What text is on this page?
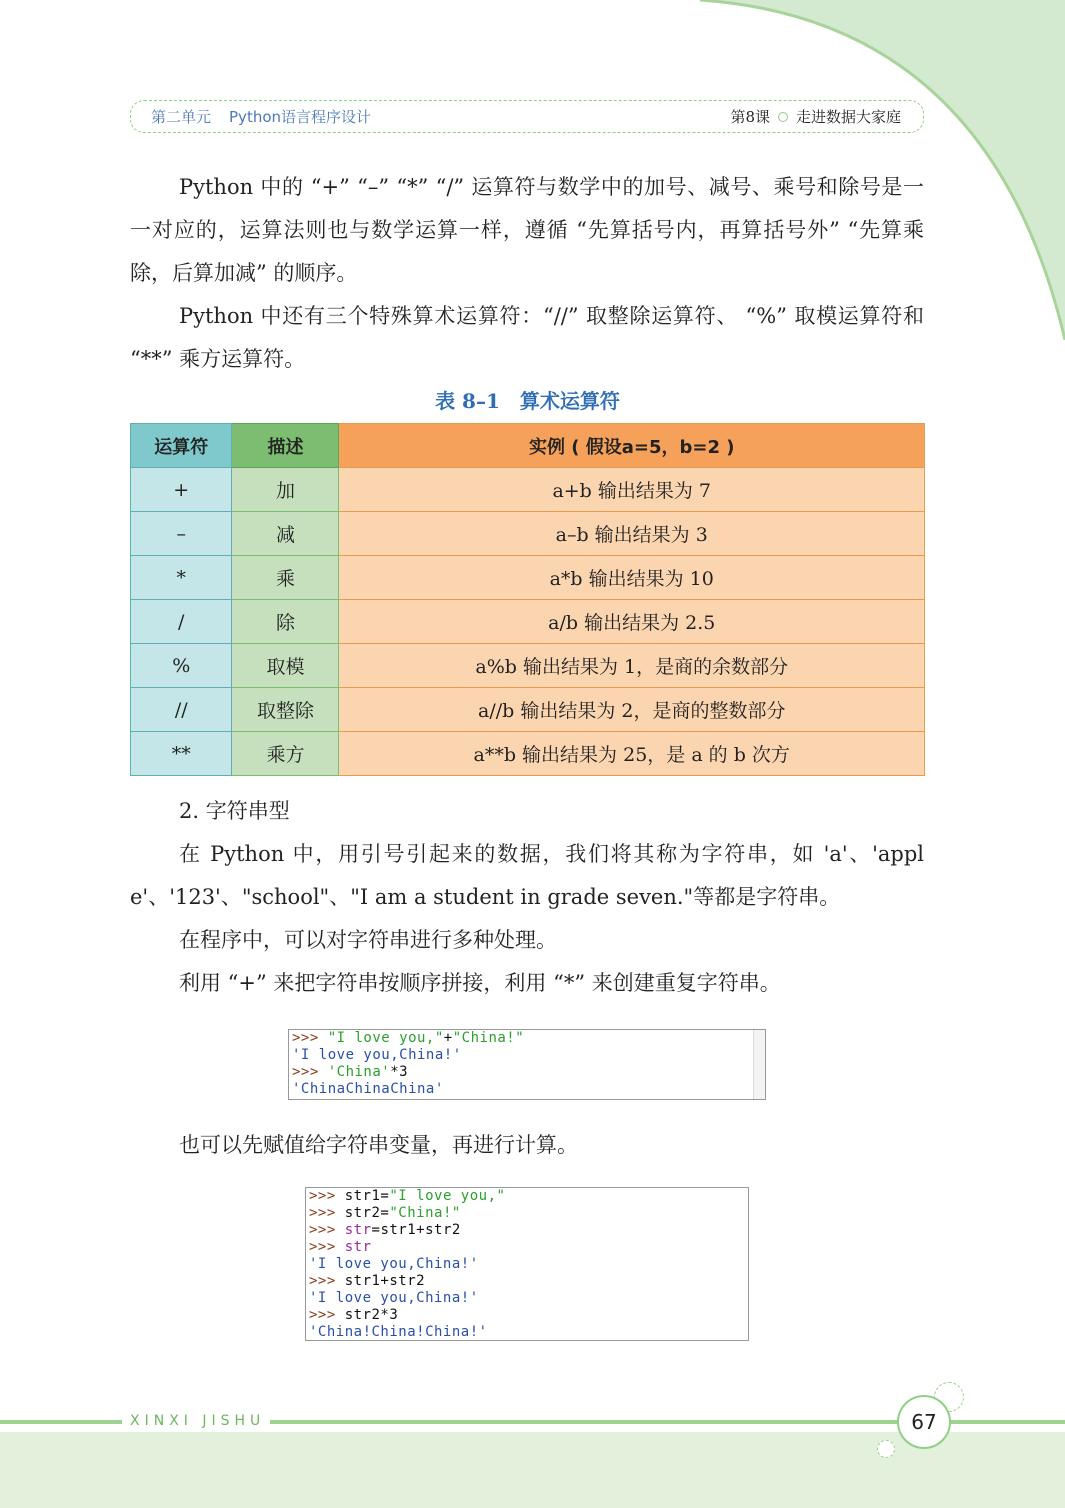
第二单元 Python语言程序设计	第8课 走进数据大家庭
Python 中的 “+” “–” “*” “/” 运算符与数学中的加号、减号、乘号和除号是一一对应的，运算法则也与数学运算一样，遵循 “先算括号内，再算括号外” “先算乘除，后算加减” 的顺序。
Python 中还有三个特殊算术运算符：“//” 取整除运算符、 “%” 取模运算符和 “**” 乘方运算符。
表 8–1　算术运算符
运算符	描述	实例 ( 假设a=5，b=2 )
+	加	a+b 输出结果为 7
–	减	a–b 输出结果为 3
*	乘	a*b 输出结果为 10
/	除	a/b 输出结果为 2.5
%	取模	a%b 输出结果为 1，是商的余数部分
//	取整除	a//b 输出结果为 2，是商的整数部分
**	乘方	a**b 输出结果为 25，是 a 的 b 次方
2. 字符串型
在 Python 中，用引号引起来的数据，我们将其称为字符串，如 'a'、'apple'、'123'、"school"、"I am a student in grade seven."等都是字符串。
在程序中，可以对字符串进行多种处理。
利用 “+” 来把字符串按顺序拼接，利用 “*” 来创建重复字符串。
>>> "I love you,"+"China!"
'I love you,China!'
>>> 'China'*3
'ChinaChinaChina'
也可以先赋值给字符串变量，再进行计算。
>>> str1="I love you,"
>>> str2="China!"
>>> str=str1+str2
>>> str
'I love you,China!'
>>> str1+str2
'I love you,China!'
>>> str2*3
'China!China!China!'
XINXI JISHU	67
